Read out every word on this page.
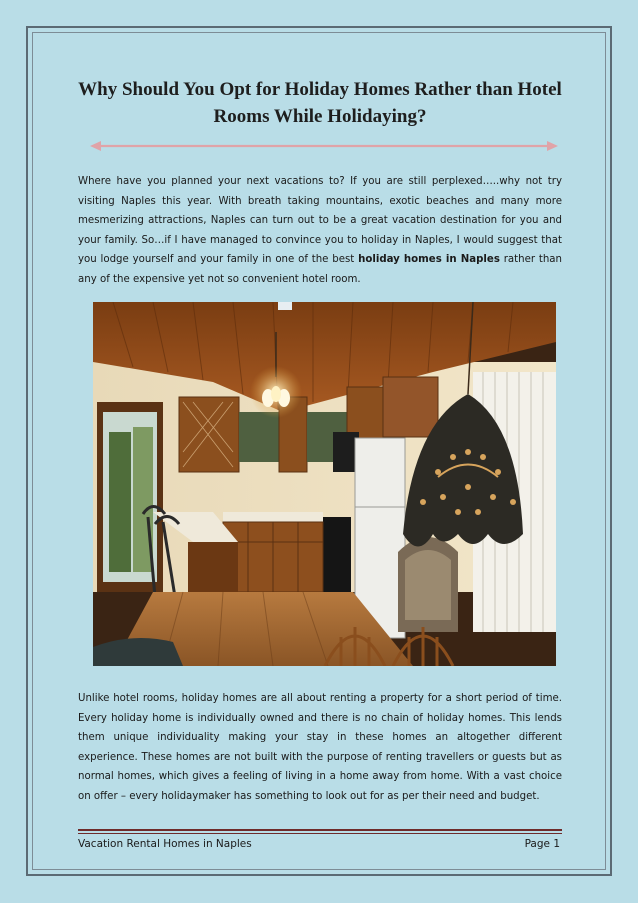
Why Should You Opt for Holiday Homes Rather than Hotel Rooms While Holidaying?

Where have you planned your next vacations to? If you are still perplexed…..why not try visiting Naples this year. With breath taking mountains, exotic beaches and many more mesmerizing attractions, Naples can turn out to be a great vacation destination for you and your family. So…if I have managed to convince you to holiday in Naples, I would suggest that you lodge yourself and your family in one of the best holiday homes in Naples rather than any of the expensive yet not so convenient hotel room.

Unlike hotel rooms, holiday homes are all about renting a property for a short period of time. Every holiday home is individually owned and there is no chain of holiday homes. This lends them unique individuality making your stay in these homes an altogether different experience. These homes are not built with the purpose of renting travellers or guests but as normal homes, which gives a feeling of living in a home away from home. With a vast choice on offer – every holidaymaker has something to look out for as per their need and budget.

Vacation Rental Homes in Naples	Page 1
